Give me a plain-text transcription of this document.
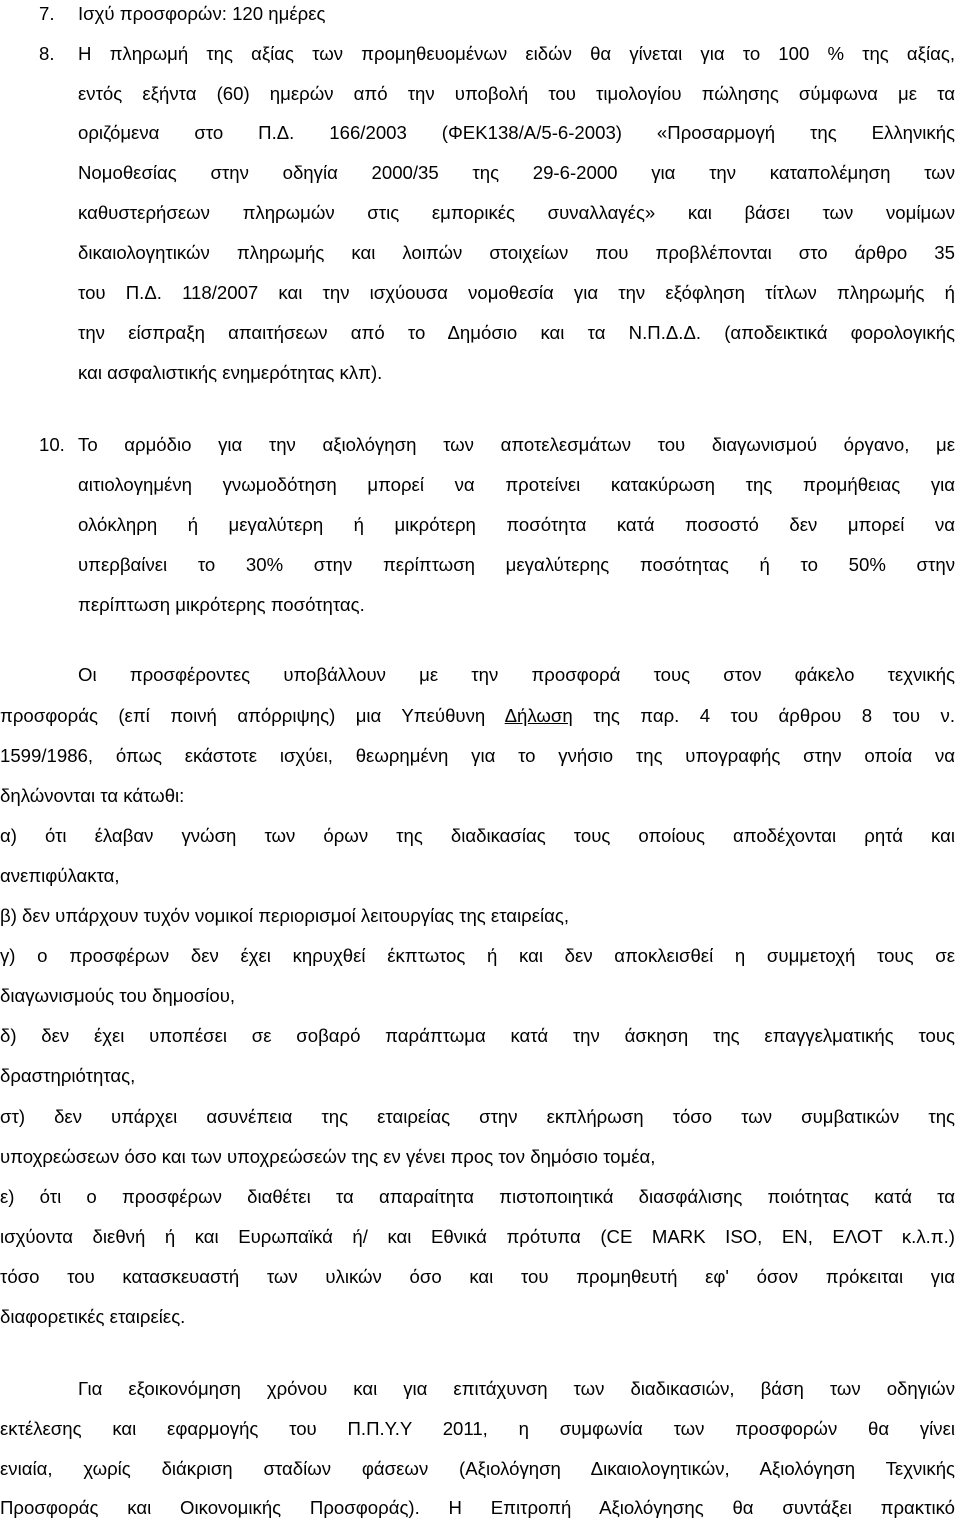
7. Ισχύ προσφορών: 120 ημέρες
8. Η πληρωμή της αξίας των προμηθευομένων ειδών θα γίνεται για το 100 % της αξίας,
εντός εξήντα (60) ημερών από την υποβολή του τιμολογίου πώλησης σύμφωνα με τα
οριζόμενα στο Π.Δ. 166/2003 (ΦΕΚ138/Α/5-6-2003) «Προσαρμογή της Ελληνικής
Νομοθεσίας στην οδηγία 2000/35 της 29-6-2000 για την καταπολέμηση των
καθυστερήσεων πληρωμών στις εμπορικές συναλλαγές» και βάσει των νομίμων
δικαιολογητικών πληρωμής και λοιπών στοιχείων που προβλέπονται στο άρθρο 35
του Π.Δ. 118/2007 και την ισχύουσα νομοθεσία για την εξόφληση τίτλων πληρωμής ή
την είσπραξη απαιτήσεων από το Δημόσιο και τα Ν.Π.Δ.Δ. (αποδεικτικά φορολογικής
και ασφαλιστικής ενημερότητας κλπ).
10. Το αρμόδιο για την αξιολόγηση των αποτελεσμάτων του διαγωνισμού όργανο, με
αιτιολογημένη γνωμοδότηση μπορεί να προτείνει κατακύρωση της προμήθειας για
ολόκληρη ή μεγαλύτερη ή μικρότερη ποσότητα κατά ποσοστό δεν μπορεί να
υπερβαίνει το 30% στην περίπτωση μεγαλύτερης ποσότητας ή το 50% στην
περίπτωση μικρότερης ποσότητας.
Οι προσφέροντες υποβάλλουν με την προσφορά τους στον φάκελο τεχνικής
προσφοράς (επί ποινή απόρριψης) μια Υπεύθυνη Δήλωση της παρ. 4 του άρθρου 8 του ν.
1599/1986, όπως εκάστοτε ισχύει, θεωρημένη για το γνήσιο της υπογραφής στην οποία να
δηλώνονται τα κάτωθι:
α) ότι έλαβαν γνώση των όρων της διαδικασίας τους οποίους αποδέχονται ρητά και
ανεπιφύλακτα,
β) δεν υπάρχουν τυχόν νομικοί περιορισμοί λειτουργίας της εταιρείας,
γ) ο προσφέρων δεν έχει κηρυχθεί έκπτωτος ή και δεν αποκλεισθεί η συμμετοχή τους σε
διαγωνισμούς του δημοσίου,
δ) δεν έχει υποπέσει σε σοβαρό παράπτωμα κατά την άσκηση της επαγγελματικής τους
δραστηριότητας,
στ) δεν υπάρχει ασυνέπεια της εταιρείας στην εκπλήρωση τόσο των συμβατικών της
υποχρεώσεων όσο και των υποχρεώσεών της εν γένει προς τον δημόσιο τομέα,
ε) ότι ο προσφέρων διαθέτει τα απαραίτητα πιστοποιητικά διασφάλισης ποιότητας κατά τα
ισχύοντα διεθνή ή και Ευρωπαϊκά ή/ και Εθνικά πρότυπα (CE MARK ISO, EN, ΕΛΟΤ κ.λ.π.)
τόσο του κατασκευαστή των υλικών όσο και του προμηθευτή εφ' όσον πρόκειται για
διαφορετικές εταιρείες.
Για εξοικονόμηση χρόνου και για επιτάχυνση των διαδικασιών, βάση των οδηγιών
εκτέλεσης και εφαρμογής του Π.Π.Υ.Υ 2011, η συμφωνία των προσφορών θα γίνει
ενιαία, χωρίς διάκριση σταδίων φάσεων (Αξιολόγηση Δικαιολογητικών, Αξιολόγηση Τεχνικής
Προσφοράς και Οικονομικής Προσφοράς). Η Επιτροπή Αξιολόγησης θα συντάξει πρακτικό
